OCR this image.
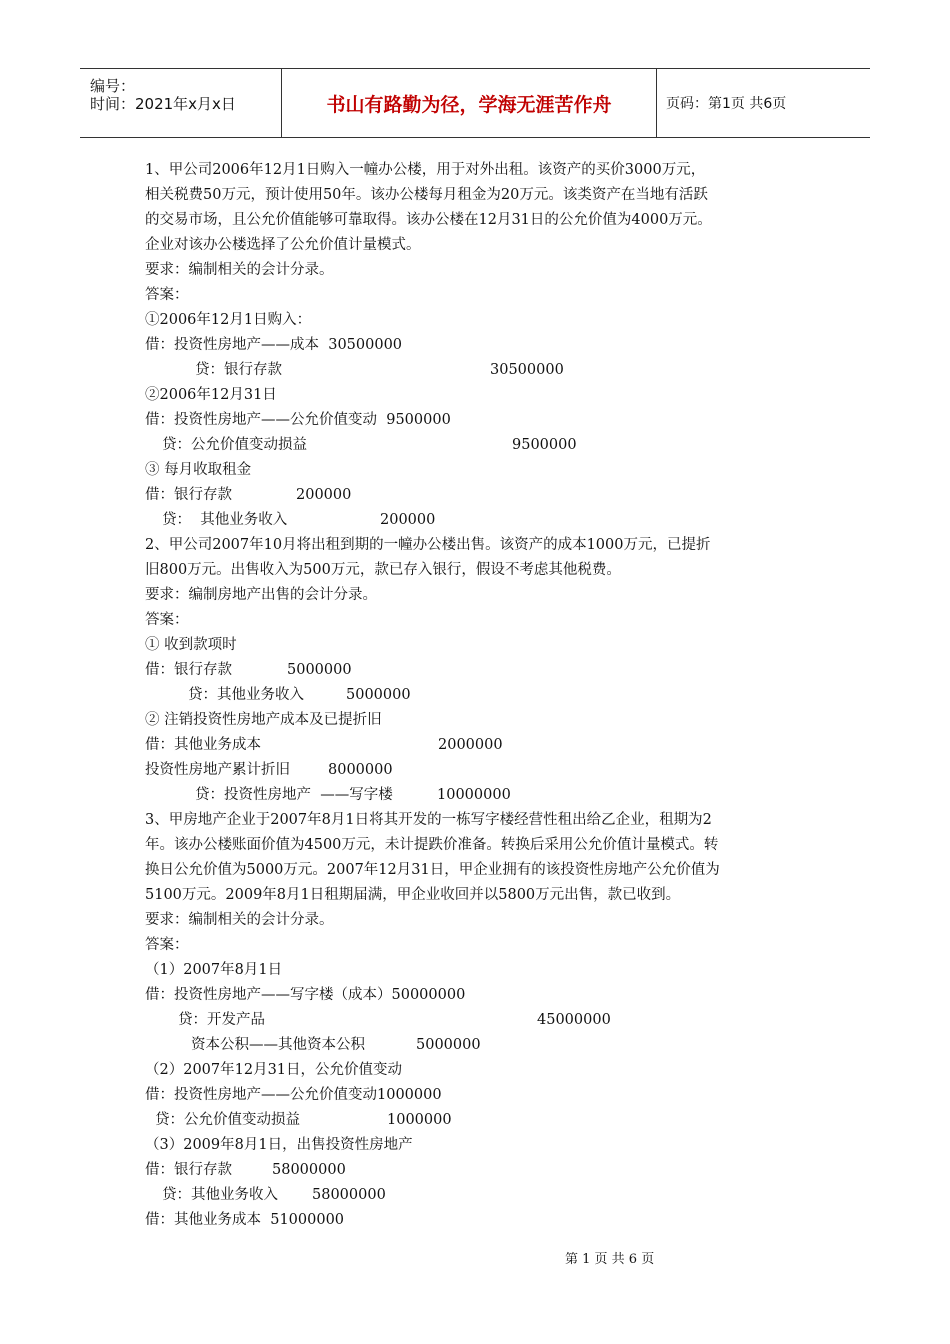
编号：
时间：2021年x月x日	书山有路勤为径，学海无涯苦作舟	页码：第1页 共6页
1、甲公司2006年12月1日购入一幢办公楼，用于对外出租。该资产的买价3000万元，
相关税费50万元，预计使用50年。该办公楼每月租金为20万元。该类资产在当地有活跃
的交易市场，且公允价值能够可靠取得。该办公楼在12月31日的公允价值为4000万元。
企业对该办公楼选择了公允价值计量模式。
要求：编制相关的会计分录。
答案：
①2006年12月1日购入：
借：投资性房地产——成本  30500000
贷：银行存款	30500000
②2006年12月31日
借：投资性房地产——公允价值变动  9500000
贷：公允价值变动损益	9500000
③ 每月收取租金
借：银行存款	200000
贷：  其他业务收入	200000
2、甲公司2007年10月将出租到期的一幢办公楼出售。该资产的成本1000万元，已提折
旧800万元。出售收入为500万元，款已存入银行，假设不考虑其他税费。
要求：编制房地产出售的会计分录。
答案：
① 收到款项时
借：银行存款	5000000
贷：其他业务收入	5000000
② 注销投资性房地产成本及已提折旧
借：其他业务成本	2000000
投资性房地产累计折旧	8000000
贷：投资性房地产  ——写字楼	10000000
3、甲房地产企业于2007年8月1日将其开发的一栋写字楼经营性租出给乙企业，租期为2
年。该办公楼账面价值为4500万元，未计提跌价准备。转换后采用公允价值计量模式。转
换日公允价值为5000万元。2007年12月31日，甲企业拥有的该投资性房地产公允价值为
5100万元。2009年8月1日租期届满，甲企业收回并以5800万元出售，款已收到。
要求：编制相关的会计分录。
答案：
（1）2007年8月1日
借：投资性房地产——写字楼（成本）50000000
贷：开发产品	45000000
资本公积——其他资本公积	5000000
（2）2007年12月31日，公允价值变动
借：投资性房地产——公允价值变动1000000
贷：公允价值变动损益	1000000
（3）2009年8月1日，出售投资性房地产
借：银行存款	58000000
贷：其他业务收入 58000000
借：其他业务成本  51000000
第 1 页 共 6 页
